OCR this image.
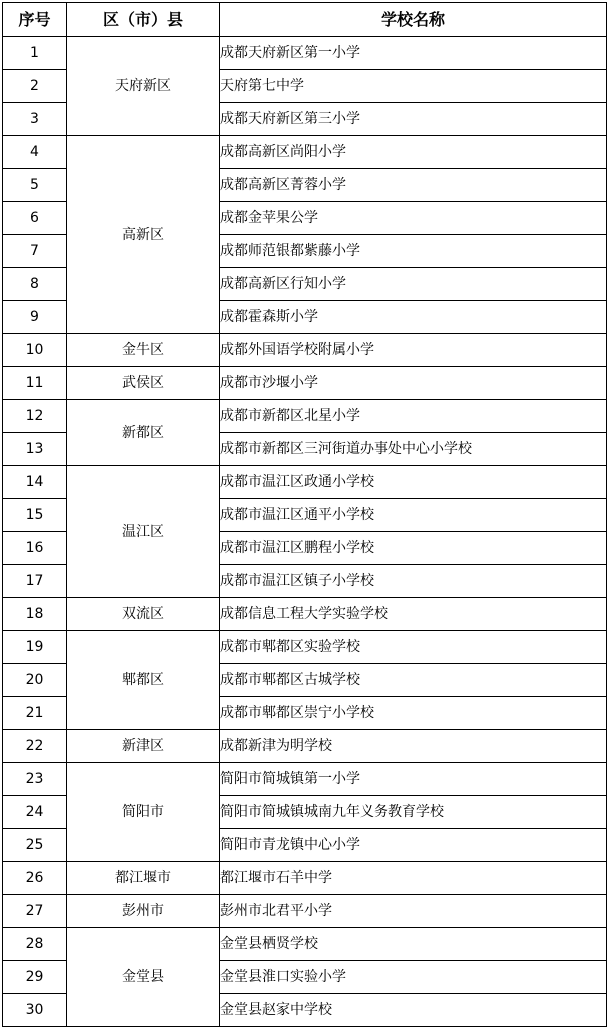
序号	区（市）县	学校名称
1	天府新区	成都天府新区第一小学
2		天府第七中学
3		成都天府新区第三小学
4	高新区	成都高新区尚阳小学
5		成都高新区菁蓉小学
6		成都金苹果公学
7		成都师范银都紫藤小学
8		成都高新区行知小学
9		成都霍森斯小学
10	金牛区	成都外国语学校附属小学
11	武侯区	成都市沙堰小学
12	新都区	成都市新都区北星小学
13		成都市新都区三河街道办事处中心小学校
14	温江区	成都市温江区政通小学校
15		成都市温江区通平小学校
16		成都市温江区鹏程小学校
17		成都市温江区镇子小学校
18	双流区	成都信息工程大学实验学校
19	郫都区	成都市郫都区实验学校
20		成都市郫都区古城学校
21		成都市郫都区崇宁小学校
22	新津区	成都新津为明学校
23	简阳市	简阳市简城镇第一小学
24		简阳市简城镇城南九年义务教育学校
25		简阳市青龙镇中心小学
26	都江堰市	都江堰市石羊中学
27	彭州市	彭州市北君平小学
28	金堂县	金堂县栖贤学校
29		金堂县淮口实验小学
30		金堂县赵家中学校
